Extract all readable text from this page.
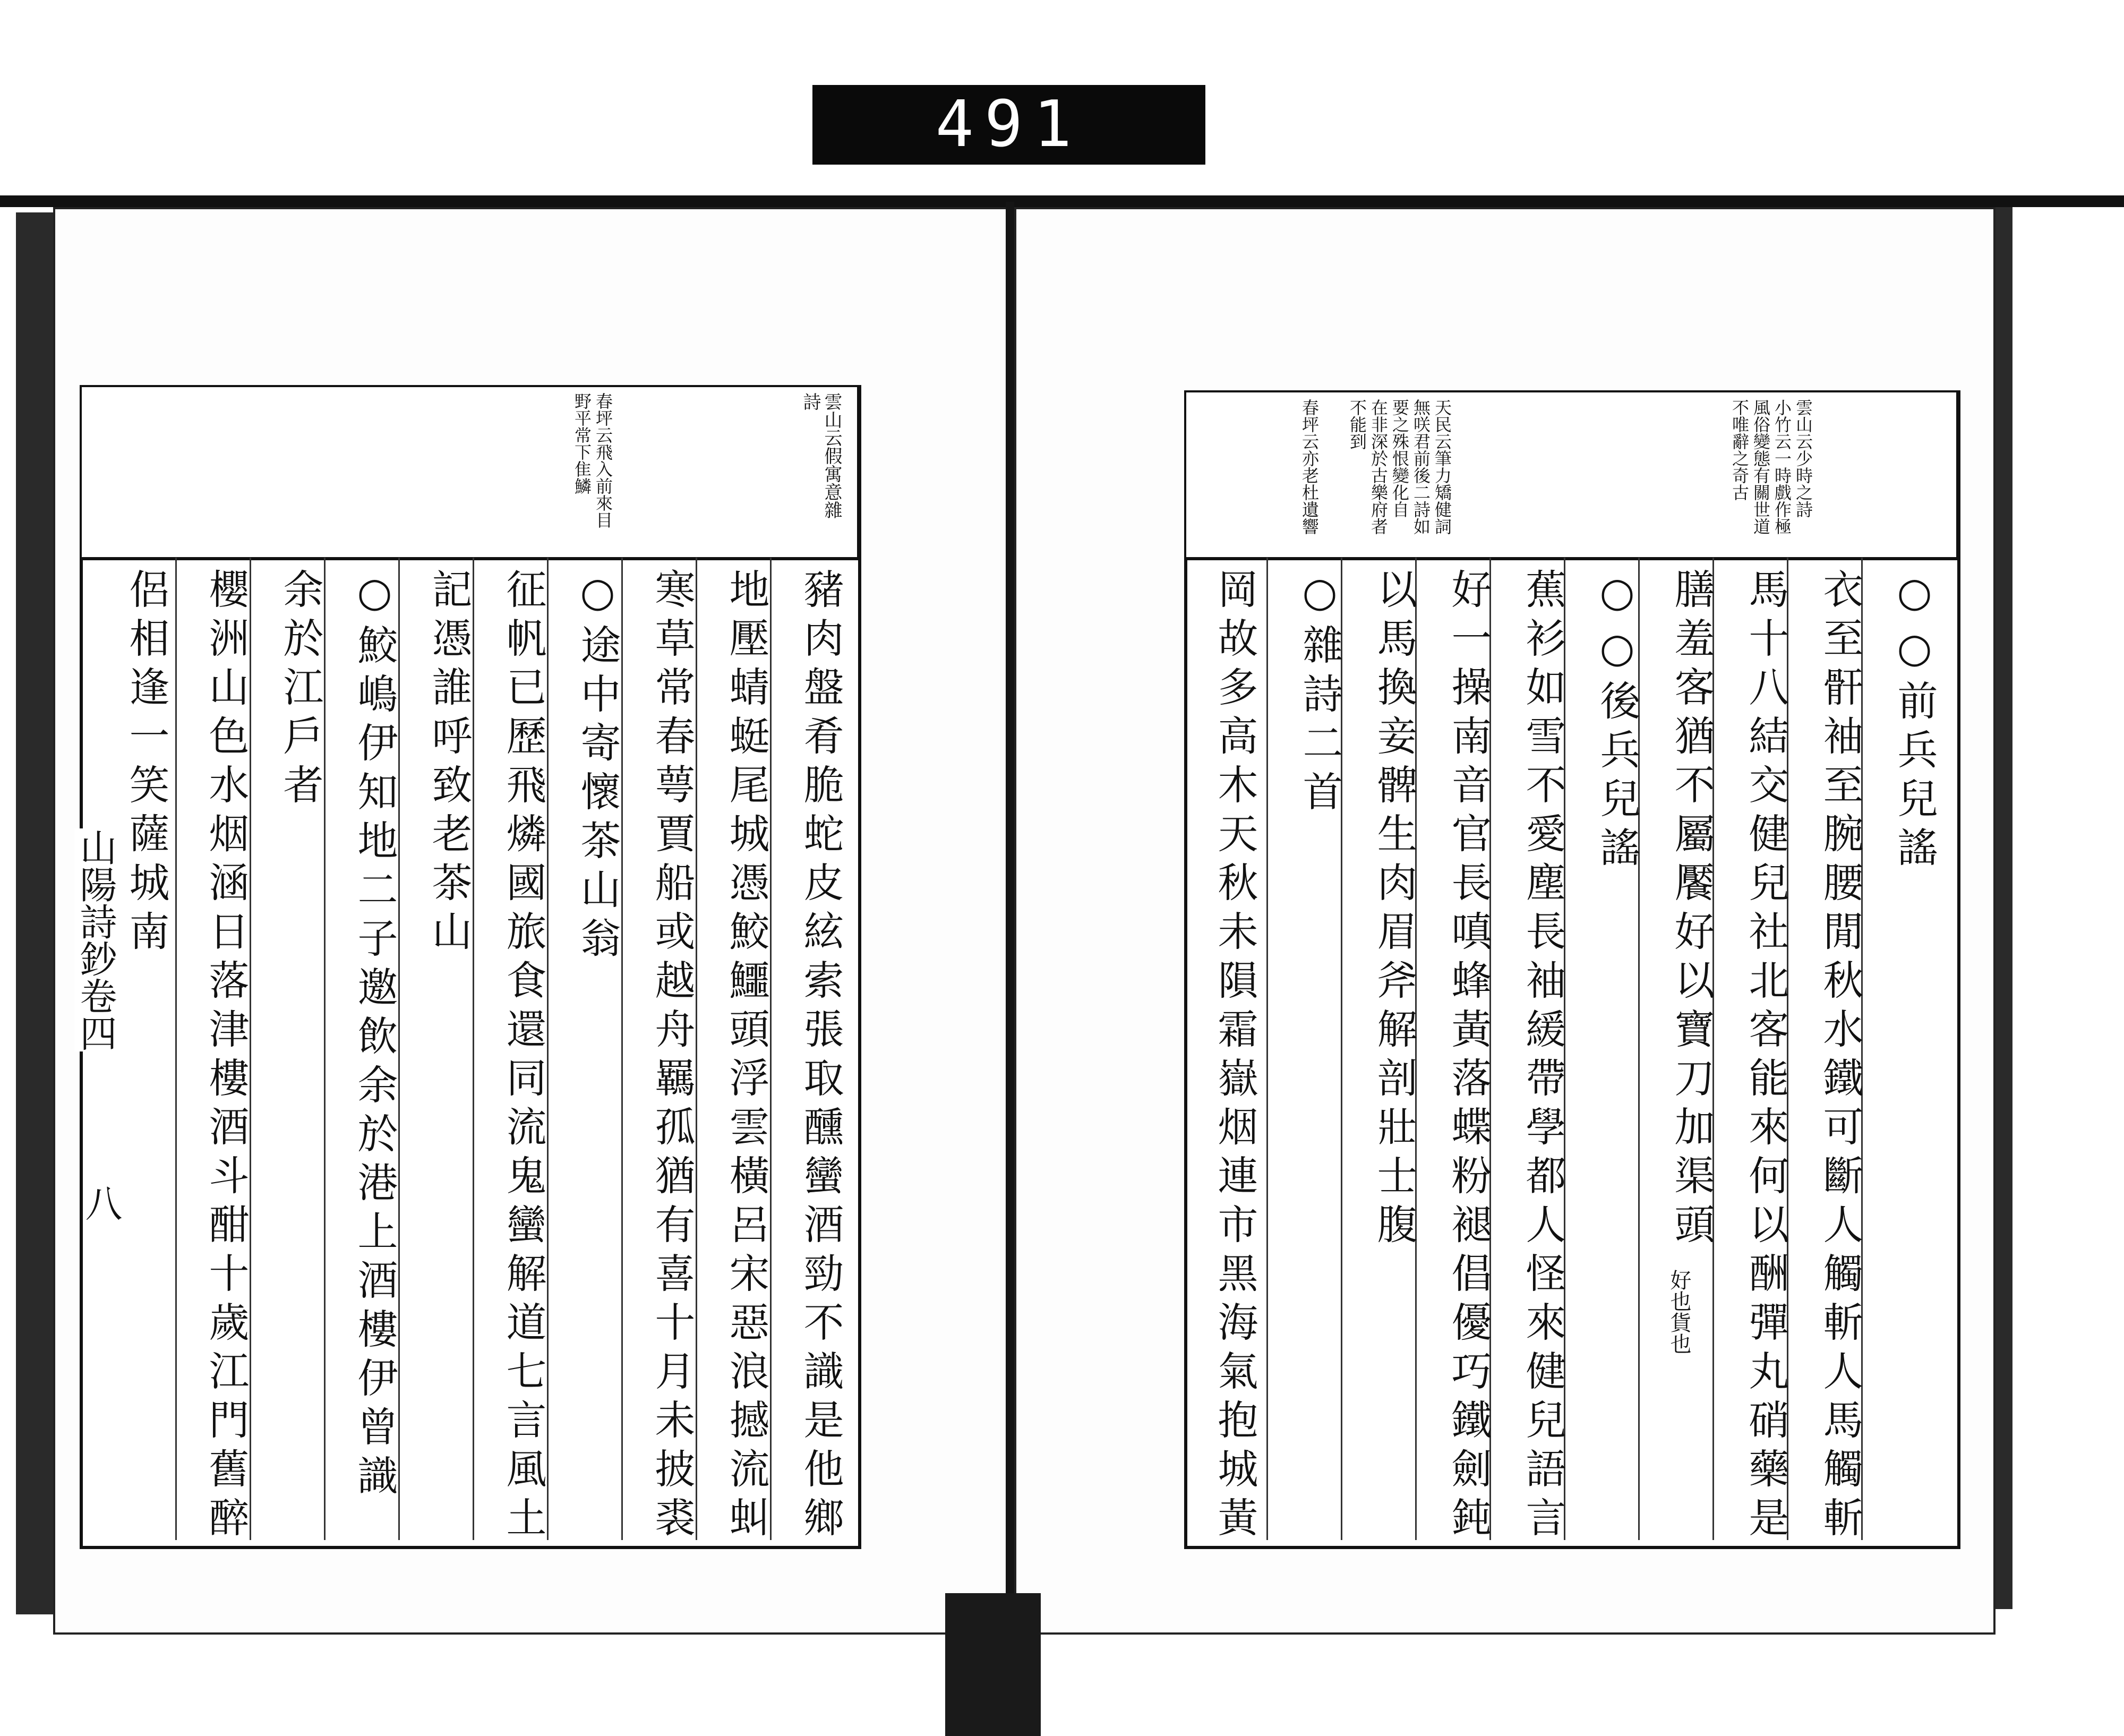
491
雲山云假寓意雜
詩
春坪云飛入前來目
野平常下隹鱗	春坪云亦老杜遺響 不能到 在非深於古樂府者 要之殊恨變化自 無咲君前後二詩如 天民云筆力矯健詞	不唯辭之奇古 風俗變態有關世道 小竹云一時戲作極 雲山云少時之詩
○○前兵兒謠
衣至骭袖至腕腰閒秋水鐵可斷人觸斬人馬觸斬
馬十八結交健兒社北客能來何以酬彈丸硝藥是
膳羞客猶不屬饜好以寶刀加渠頭
好也貨也
○○後兵兒謠
蕉衫如雪不愛塵長袖緩帶學都人怪來健兒語言
好一操南音官長嗔蜂黃落蝶粉褪倡優巧鐵劍鈍
以馬換妾髀生肉眉斧解剖壯士腹
○雜詩二首
岡故多高木天秋未隕霜嶽烟連市黑海氣抱城黃
豬肉盤肴脆蛇皮絃索張取醺蠻酒勁不識是他鄉
地壓蜻蜓尾城憑鮫鱷頭浮雲橫呂宋惡浪撼流虯
寒草常春萼賈船或越舟羈孤猶有喜十月未披裘
○途中寄懷茶山翁
征帆已歷飛燐國旅食還同流鬼蠻解道七言風土
記憑誰呼致老茶山
○鮫嶋伊知地二子邀飲余於港上酒樓伊曾識
余於江戶者
櫻洲山色水烟涵日落津樓酒斗酣十歲江門舊醉
侶相逢一笑薩城南
山陽詩鈔卷四
八
